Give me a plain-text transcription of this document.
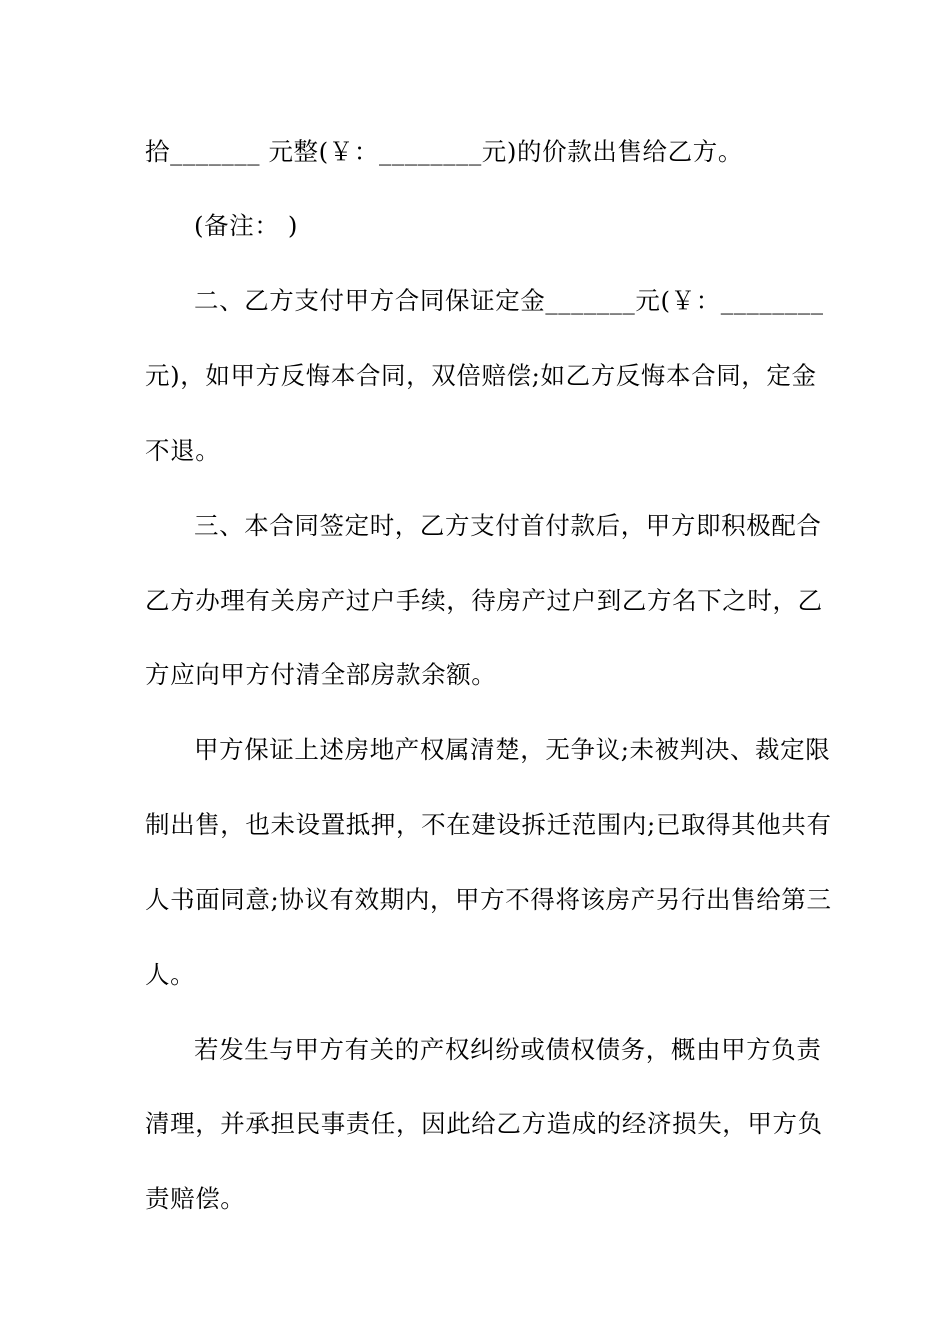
拾_______ 元整(￥：________元)的价款出售给乙方。
(备注： )
二、乙方支付甲方合同保证定金_______元(￥：________
元)，如甲方反悔本合同，双倍赔偿;如乙方反悔本合同，定金
不退。
三、本合同签定时，乙方支付首付款后，甲方即积极配合
乙方办理有关房产过户手续，待房产过户到乙方名下之时，乙
方应向甲方付清全部房款余额。
甲方保证上述房地产权属清楚，无争议;未被判决、裁定限
制出售，也未设置抵押，不在建设拆迁范围内;已取得其他共有
人书面同意;协议有效期内，甲方不得将该房产另行出售给第三
人。
若发生与甲方有关的产权纠纷或债权债务，概由甲方负责
清理，并承担民事责任，因此给乙方造成的经济损失，甲方负
责赔偿。
